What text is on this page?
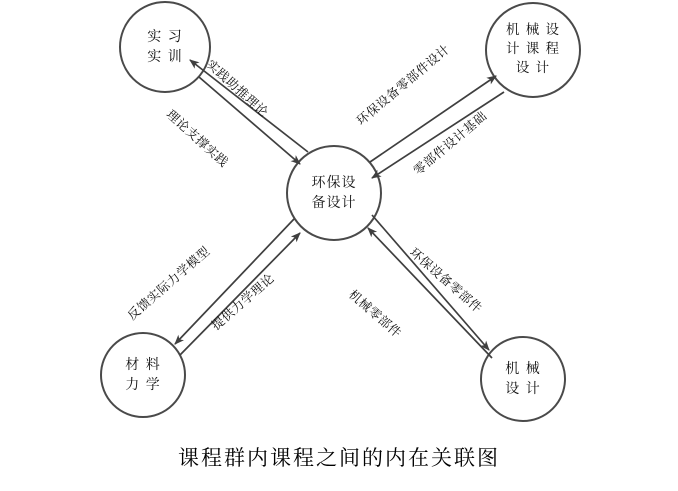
环保设
备设计
实 习
实 训
机 械 设
计 课 程
设 计
材 料
力 学
机 械
设 计
实践助推理论
理论支撑实践
环保设备零部件设计
零部件设计基础
反馈实际力学模型
提供力学理论	环保设备零部件
机械零部件
课程群内课程之间的内在关联图
